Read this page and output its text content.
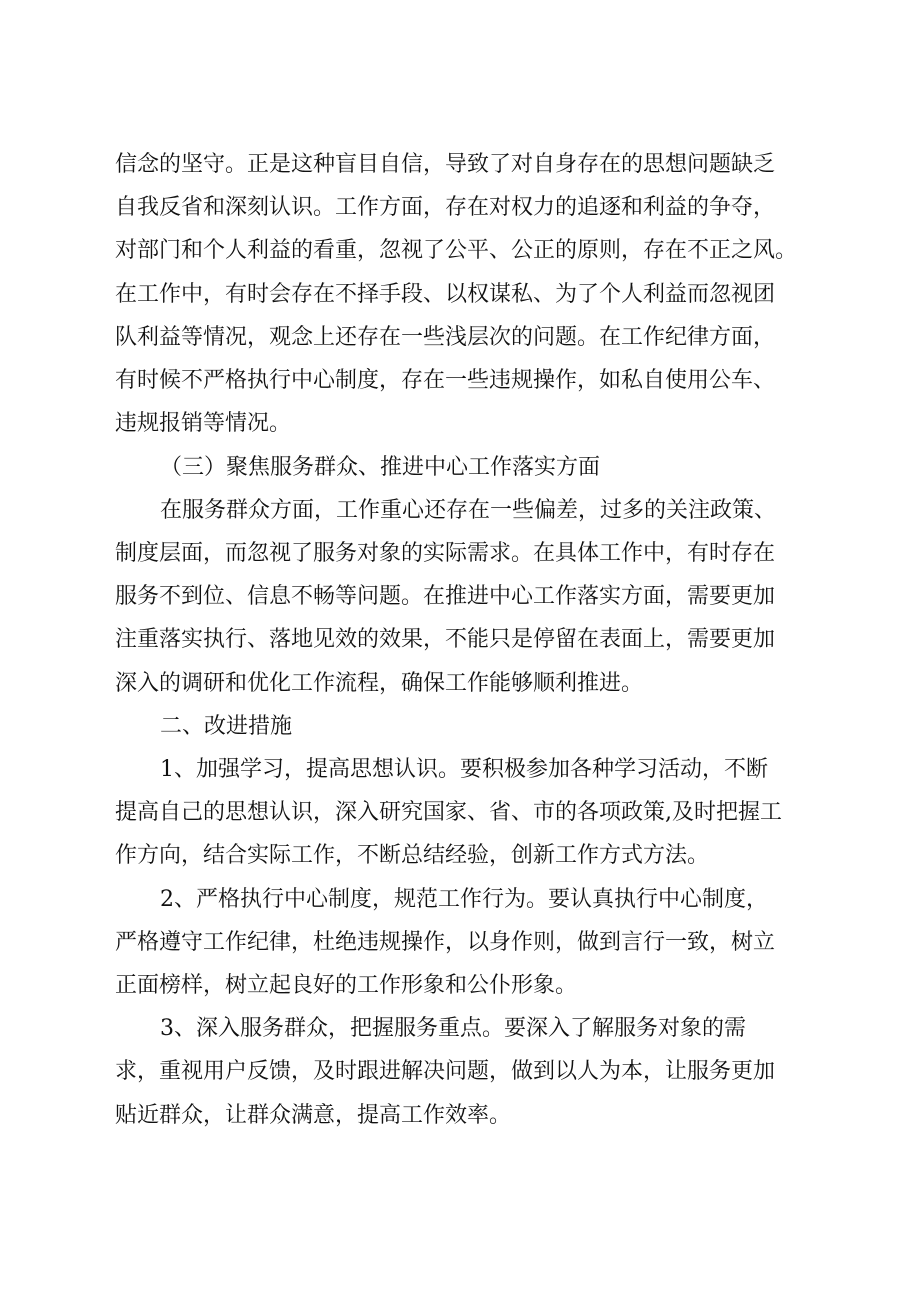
信念的坚守。正是这种盲目自信，导致了对自身存在的思想问题缺乏
自我反省和深刻认识。工作方面，存在对权力的追逐和利益的争夺，
对部门和个人利益的看重，忽视了公平、公正的原则，存在不正之风。
在工作中，有时会存在不择手段、以权谋私、为了个人利益而忽视团
队利益等情况，观念上还存在一些浅层次的问题。在工作纪律方面，
有时候不严格执行中心制度，存在一些违规操作，如私自使用公车、
违规报销等情况。
（三）聚焦服务群众、推进中心工作落实方面
在服务群众方面，工作重心还存在一些偏差，过多的关注政策、
制度层面，而忽视了服务对象的实际需求。在具体工作中，有时存在
服务不到位、信息不畅等问题。在推进中心工作落实方面，需要更加
注重落实执行、落地见效的效果，不能只是停留在表面上，需要更加
深入的调研和优化工作流程，确保工作能够顺利推进。
二、改进措施
1、加强学习，提高思想认识。要积极参加各种学习活动，不断
提高自己的思想认识，深入研究国家、省、市的各项政策,及时把握工
作方向，结合实际工作，不断总结经验，创新工作方式方法。
2、严格执行中心制度，规范工作行为。要认真执行中心制度，
严格遵守工作纪律，杜绝违规操作，以身作则，做到言行一致，树立
正面榜样，树立起良好的工作形象和公仆形象。
3、深入服务群众，把握服务重点。要深入了解服务对象的需
求，重视用户反馈，及时跟进解决问题，做到以人为本，让服务更加
贴近群众，让群众满意，提高工作效率。
